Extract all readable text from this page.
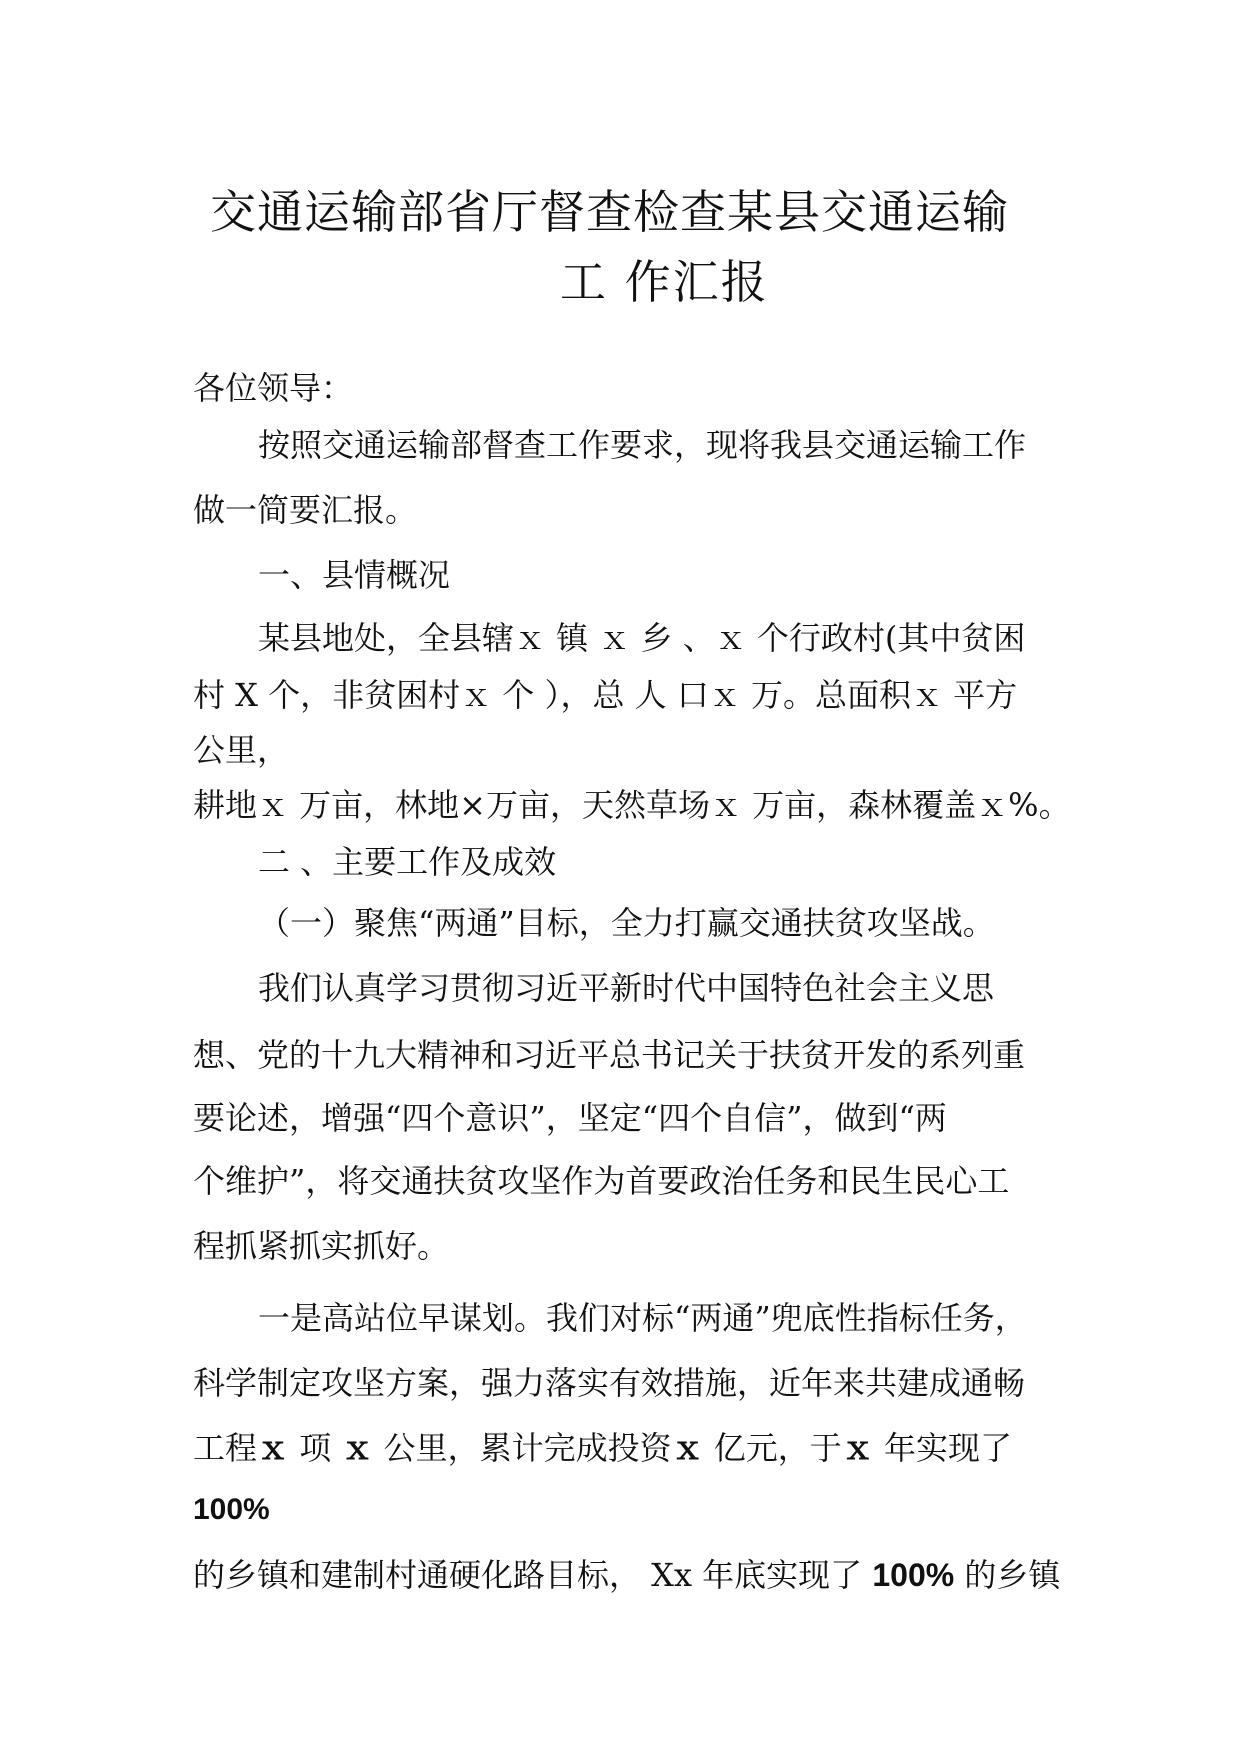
交通运输部省厅督查检查某县交通运输
工 作汇报
各位领导：
按照交通运输部督查工作要求，现将我县交通运输工作
做一简要汇报。
一、县情概况
某县地处，全县辖ｘ 镇 ｘ 乡 、ｘ 个行政村(其中贫困
村 X 个，非贫困村ｘ 个 ），总 人 口ｘ 万。总面积ｘ 平方
公里，
耕地ｘ 万亩，林地×万亩，天然草场ｘ 万亩，森林覆盖ｘ%。
二 、主要工作及成效
（一）聚焦“两通”目标，全力打赢交通扶贫攻坚战。
我们认真学习贯彻习近平新时代中国特色社会主义思
想、党的十九大精神和习近平总书记关于扶贫开发的系列重
要论述，增强“四个意识”，坚定“四个自信”，做到“两
个维护”，将交通扶贫攻坚作为首要政治任务和民生民心工
程抓紧抓实抓好。
一是高站位早谋划。我们对标“两通”兜底性指标任务，
科学制定攻坚方案，强力落实有效措施，近年来共建成通畅
工程ｘ 项 ｘ 公里，累计完成投资ｘ 亿元，于ｘ 年实现了
100%
的乡镇和建制村通硬化路目标， Xx 年底实现了 100% 的乡镇
